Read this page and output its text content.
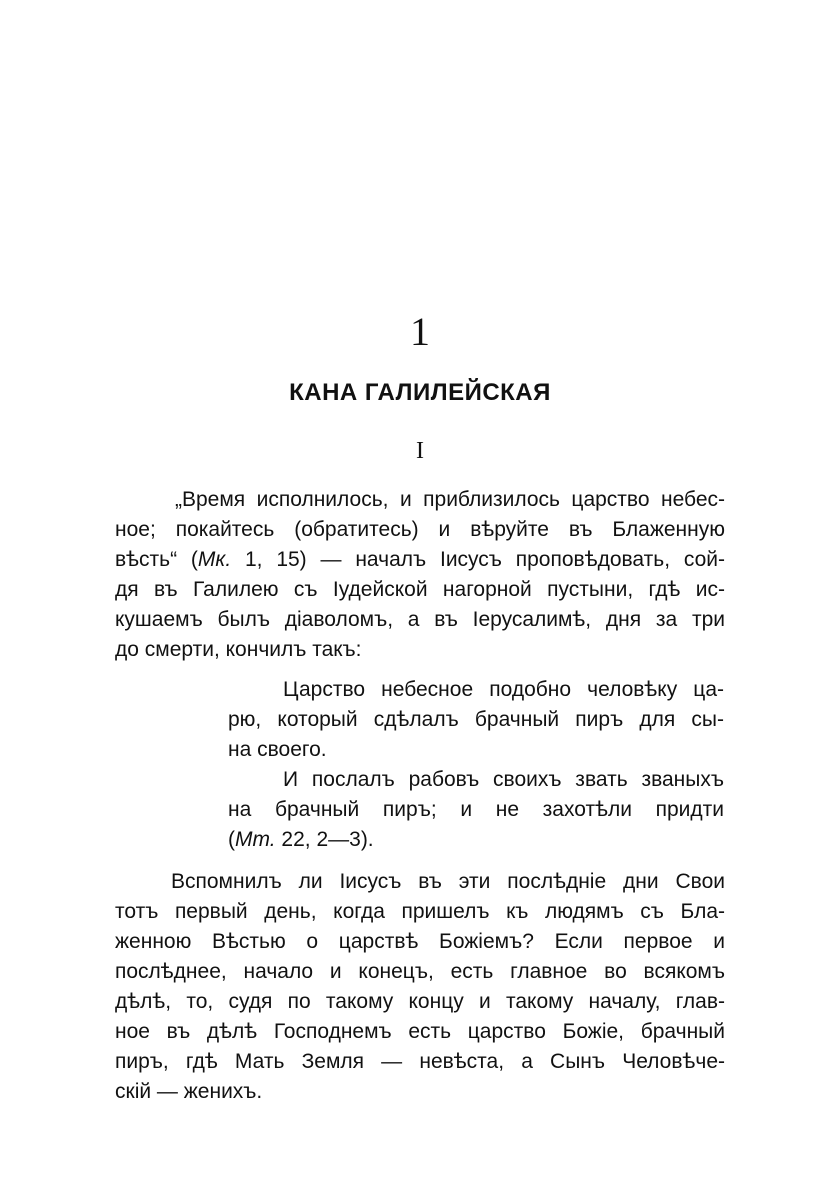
1
КАНА ГАЛИЛЕЙСКАЯ
I
„Время исполнилось, и приблизилось царство небес-
ное; покайтесь (обратитесь) и вѣруйте въ Блаженную
вѣсть“ (Мк. 1, 15) — началъ Іисусъ проповѣдовать, сой-
дя въ Галилею съ Іудейской нагорной пустыни, гдѣ ис-
кушаемъ былъ діаволомъ, а въ Іерусалимѣ, дня за три
до смерти, кончилъ такъ:
Царство небесное подобно человѣку ца-
рю, который сдѣлалъ брачный пиръ для сы-
на своего.
И послалъ рабовъ своихъ звать званыхъ
на брачный пиръ; и не захотѣли придти
(Мт. 22, 2—3).
Вспомнилъ ли Іисусъ въ эти послѣдніе дни Свои
тотъ первый день, когда пришелъ къ людямъ съ Бла-
женною Вѣстью о царствѣ Божіемъ? Если первое и
послѣднее, начало и конецъ, есть главное во всякомъ
дѣлѣ, то, судя по такому концу и такому началу, глав-
ное въ дѣлѣ Господнемъ есть царство Божіе, брачный
пиръ, гдѣ Мать Земля — невѣста, а Сынъ Человѣче-
скій — женихъ.
